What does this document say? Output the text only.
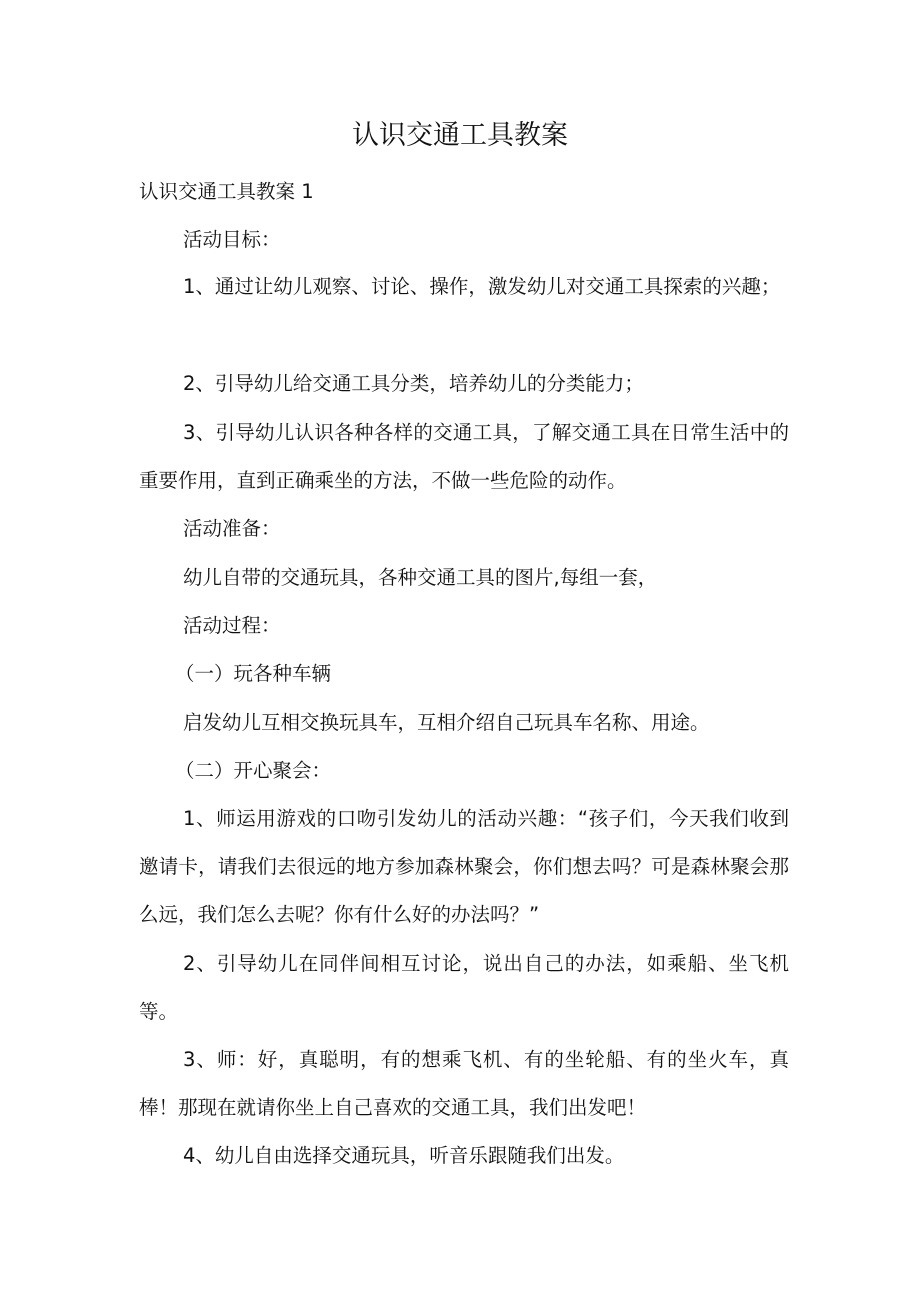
认识交通工具教案

认识交通工具教案 1

活动目标：

1、通过让幼儿观察、讨论、操作，激发幼儿对交通工具探索的兴趣；

2、引导幼儿给交通工具分类，培养幼儿的分类能力；

3、引导幼儿认识各种各样的交通工具，了解交通工具在日常生活中的重要作用，直到正确乘坐的方法，不做一些危险的动作。

活动准备：

幼儿自带的交通玩具，各种交通工具的图片,每组一套，

活动过程：

（一）玩各种车辆

启发幼儿互相交换玩具车，互相介绍自己玩具车名称、用途。

（二）开心聚会：

1、师运用游戏的口吻引发幼儿的活动兴趣：“孩子们，今天我们收到邀请卡，请我们去很远的地方参加森林聚会，你们想去吗？可是森林聚会那么远，我们怎么去呢？你有什么好的办法吗？”

2、引导幼儿在同伴间相互讨论，说出自己的办法，如乘船、坐飞机等。

3、师：好，真聪明，有的想乘飞机、有的坐轮船、有的坐火车，真棒！那现在就请你坐上自己喜欢的交通工具，我们出发吧！

4、幼儿自由选择交通玩具，听音乐跟随我们出发。
